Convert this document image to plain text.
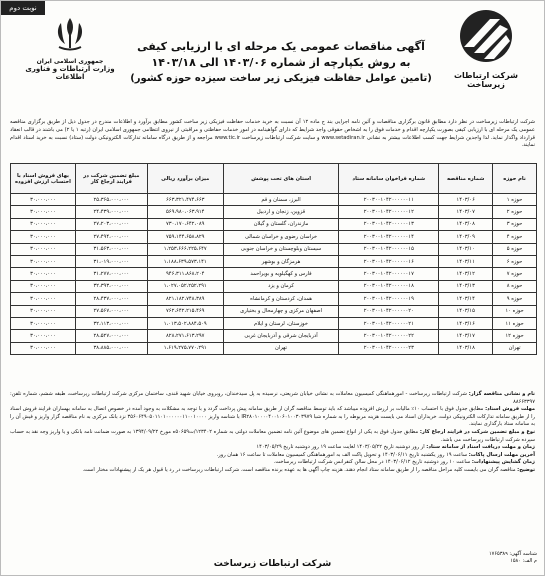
نوبت دوم
جمهوری اسلامی ایران
وزارت ارتباطات و فناوری اطلاعات	شرکت ارتباطات زیرساخت
آگهی مناقصات عمومی یک مرحله ای با ارزیابی کیفی
به روش یکپارچه از شماره ۱۴۰۳/۰۶ الی ۱۴۰۳/۱۸
(تامین عوامل حفاظت فیزیکی زیر ساخت سیزده حوزه کشور)
شرکت ارتباطات زیرساخت در نظر دارد مطابق قانون برگزاری مناقصات و آئین نامه اجرایی بند ج ماده ۱۲ آن نسبت به خرید خدمات حفاظت فیزیکی زیر ساخت کشور مطابق برآورد و اطلاعات مندرج در جدول ذیل از طریق برگزاری مناقصه عمومی یک مرحله ای با ارزیابی کیفی بصورت یکپارچه اقدام و خدمات فوق را به اشخاص حقوقی واجد شرایط که دارای گواهینامه در امور خدمات حفاظتی و مراقبتی از نیروی انتظامی جمهوری اسلامی ایران (رتبه ۱ یا ۲) می باشند در قالب انعقاد قرارداد واگذار نماید. لذا واجدین شرایط جهت کسب اطلاعات بیشتر به نشانی www.setadiran.ir و سایت شرکت ارتباطات زیرساخت www.tic.ir مراجعه و از طریق درگاه سامانه تدارکات الکترونیکی دولت (ستاد) نسبت به خرید اسناد اقدام نمایند.
نام حوزه	شماره مناقصه	شماره فراخوان سامانه ستاد	استان های تحت پوشش	میزان برآورد ریالی	مبلغ تضمین شرکت در فرایند ارجاع کار	بهای فروش اسناد با احتساب ارزش افزوده
حوزه ۱	۱۴۰۳/۰۶	۲۰۰۳۰۰۱۰۴۲۰۰۰۰۰۰۱۱	البرز، سمنان و قم	۶۶۳،۳۲۱،۴۷۴،۶۶۳	۲۵،۳۶۵،۰۰۰،۰۰۰	۳۰،۰۰۰،۰۰۰
حوزه ۲	۱۴۰۳/۰۷	۲۰۰۳۰۰۱۰۴۲۰۰۰۰۰۰۱۲	قزوین، زنجان و اردبیل	۵۶۹،۹۸۰،۰۶۳،۹۱۴	۲۴،۴۳۹،۰۰۰،۰۰۰	۳۰،۰۰۰،۰۰۰
حوزه ۳	۱۴۰۳/۰۸	۲۰۰۳۰۰۱۰۴۲۰۰۰۰۰۰۱۳	مازندران، گلستان و گیلان	۷۳۰،۱۷۰،۶۴۲،۰۸۹	۲۷،۲۰۳،۰۰۰،۰۰۰	۳۰،۰۰۰،۰۰۰
حوزه ۴	۱۴۰۳/۰۹	۲۰۰۳۰۰۱۰۴۲۰۰۰۰۰۰۱۴	خراسان رضوی و خراسان شمالی	۷۵۹،۱۴۴،۶۵۸،۸۲۹	۲۷،۴۹۴،۰۰۰،۰۰۰	۳۰،۰۰۰،۰۰۰
حوزه ۵	۱۴۰۳/۱۰	۲۰۰۳۰۰۱۰۴۲۰۰۰۰۰۰۱۵	سیستان وبلوچستان و خراسان جنوبی	۱،۲۵۳،۶۶۶،۲۲۵،۶۴۷	۳۱،۵۶۳،۰۰۰،۰۰۰	۳۰،۰۰۰،۰۰۰
حوزه ۶	۱۴۰۳/۱۱	۲۰۰۳۰۰۱۰۴۲۰۰۰۰۰۰۱۶	هرمزگان و بوشهر	۱،۱۸۸،۶۳۹،۵۷۳،۱۴۱	۳۱،۰۱۹،۰۰۰،۰۰۰	۳۰،۰۰۰،۰۰۰
حوزه ۷	۱۴۰۳/۱۲	۲۰۰۳۰۰۱۰۴۲۰۰۰۰۰۰۱۷	فارس و کهگیلویه و بویراحمد	۹۴۶،۳۱۱،۸۶۸،۲۰۴	۳۱،۲۷۷،۰۰۰،۰۰۰	۳۰،۰۰۰،۰۰۰
حوزه ۸	۱۴۰۳/۱۳	۲۰۰۳۰۰۱۰۴۲۰۰۰۰۰۰۱۸	کرمان و یزد	۱،۰۲۷،۰۵۲،۲۵۲،۲۹۱	۳۲،۳۹۳،۰۰۰،۰۰۰	۳۰،۰۰۰،۰۰۰
حوزه ۹	۱۴۰۳/۱۴	۲۰۰۳۰۰۱۰۴۲۰۰۰۰۰۰۱۹	همدان، کردستان و کرمانشاه	۸۲۱،۱۸۲،۷۴۸،۳۸۹	۲۸،۴۳۷،۰۰۰،۰۰۰	۳۰،۰۰۰،۰۰۰
حوزه ۱۰	۱۴۰۳/۱۵	۲۰۰۳۰۰۱۰۴۲۰۰۰۰۰۰۲۰	اصفهان مرکزی و چهارمحال و بختیاری	۷۶۲،۶۴۲،۲۱۵،۴۶۹	۲۷،۵۶۷،۰۰۰،۰۰۰	۳۰،۰۰۰،۰۰۰
حوزه ۱۱	۱۴۰۳/۱۶	۲۰۰۳۰۰۱۰۴۲۰۰۰۰۰۰۲۱	خوزستان، لرستان و ایلام	۱،۰۱۳،۵۰۲،۸۸۴،۵۰۹	۳۲،۱۱۳،۰۰۰،۰۰۰	۳۰،۰۰۰،۰۰۰
حوزه ۱۲	۱۴۰۳/۱۷	۲۰۰۳۰۰۱۰۴۲۰۰۰۰۰۰۲۲	آذربایجان شرقی و آذربایجان غربی	۸۲۸،۲۷۱،۶۱۳،۲۹۷	۲۸،۵۲۷،۰۰۰،۰۰۰	۳۰،۰۰۰،۰۰۰
تهران	۱۴۰۳/۱۸	۲۰۰۳۰۰۱۰۴۲۰۰۰۰۰۰۲۳	تهران	۱،۶۱۹،۲۷۵،۷۷۰،۲۹۱	۳۸،۸۸۵،۰۰۰،۰۰۰	۳۰،۰۰۰،۰۰۰

نام و نشانی مناقصه گزار: شرکت ارتباطات زیرساخت - امورهماهنگی کمیسیون معاملات به نشانی خیابان شریعتی، نرسیده به پل سیدخندان، روبروی خیابان شهید قندی، ساختمان مرکزی شرکت ارتباطات زیرساخت، طبقه ششم، شماره تلفن: ۸۸۶۶۳۳۹۷

مهلت فروش اسناد: مطابق جدول فوق با احتساب ۱۰٪ مالیات بر ارزش افزوده میباشد که باید توسط مناقصه گران از طریق سامانه پیش پرداخت گردد و با توجه به مشکلات به وجود آمده در خصوص اتصال به سامانه بهسازان فرایند فروش اسناد را از طریق سامانه تدارکات الکترونیکی دولت، خریداران اسناد می بایست هزینه مربوطه را به شماره شبا IR۲۸۰۱۰۰۰۰۴۰۰۱۰۶۰۱۰۰۳۰۳۹۷۹ با شناسه واریز ۳۵۶۰۶۴۹۰۵۰۱۱۰۱۰۰۰۰۰۰۱۱۰۰۱۰۰۰۰ نزد بانک مرکزی به نام مناقصه گزار واریز و فیش آن را به سامانه ستاد بارگذاری نمایند.

نوع و مبلغ تضمین شرکت در فرایند ارجاع کار: مطابق جدول فوق به یکی از انواع تضمین های موضوع آئین نامه تضمین معاملات دولتی به شماره ۱۲۳۴۰۲/ت۵۰۶۵۹ه مورخ ۱۳۹۴/۰۹/۲۲ به صورت ضمانت نامه بانکی و یا واریز وجه نقد به حساب سپرده شرکت ارتباطات زیرساخت می باشد.

زمان و مهلت دریافت اسناد از سامانه ستاد: از روز دوشنبه تاریخ ۱۴۰۳/۰۵/۲۲ لغایت ساعت ۱۹ روز دوشنبه تاریخ ۱۴۰۳/۰۵/۲۹

آخرین مهلت ارسال پاکات: ساعت ۱۹ روز یکشنبه تاریخ ۱۴۰۳/۰۶/۱۱ و تحویل پاکت الف به امورهماهنگی کمیسیون معاملات تا ساعت ۱۶ همان روز.

زمان گشایش پیشنهادات: ساعت ۱۰ روز دوشنبه تاریخ ۱۴۰۳/۰۶/۱۲ در محل سالن کنفرانس شرکت ارتباطات زیرساخت.

توضیح: مناقصه گران می بایست کلیه مراحل مناقصه را از طریق سامانه ستاد انجام دهند. هزینه چاپ آگهی ها به عهده برنده مناقصه است. شرکت ارتباطات زیرساخت در رد یا قبول هر یک از پیشنهادات مختار است.

شناسه آگهی: ۱۷۶۵۳۸۹
م الف: ۱۵۸۰
شرکت ارتباطات زیرساخت
